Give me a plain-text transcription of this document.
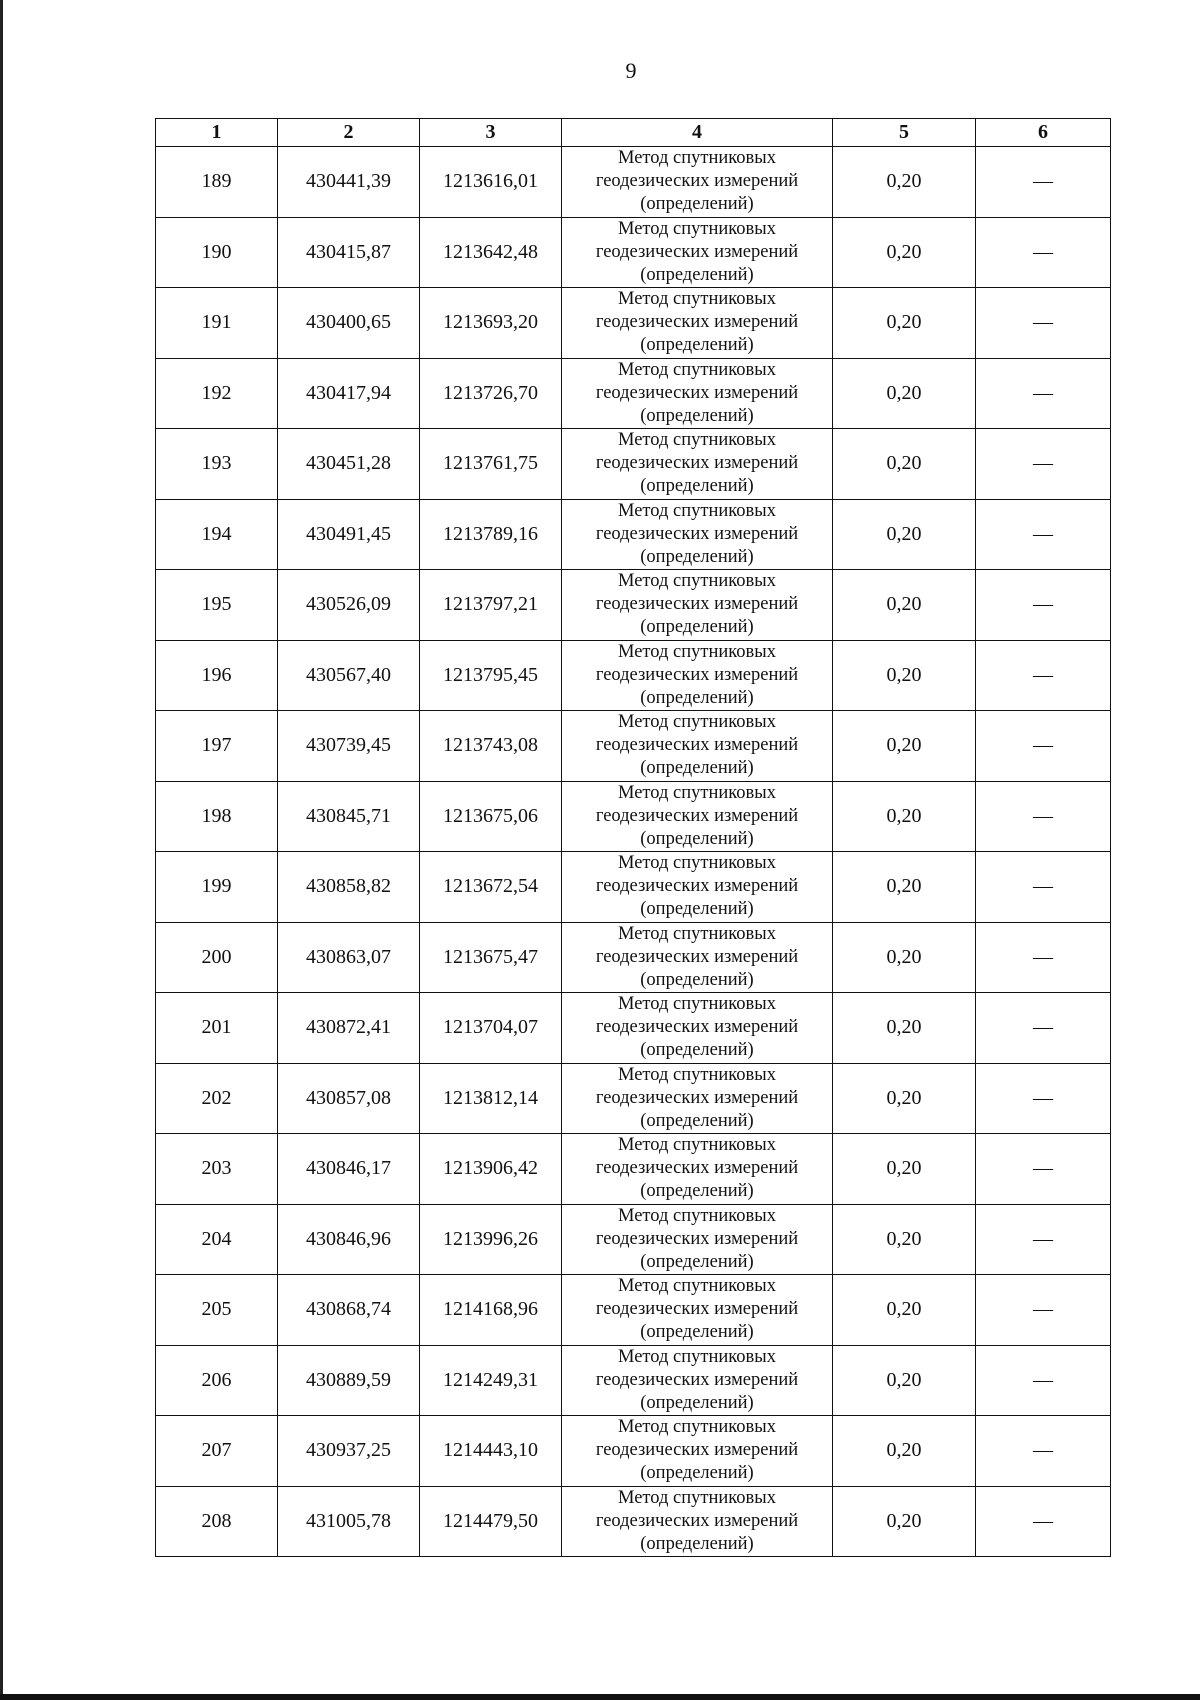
9
1	2	3	4	5	6
189	430441,39	1213616,01	Метод спутниковых
геодезических измерений
(определений)	0,20	—
190	430415,87	1213642,48	Метод спутниковых
геодезических измерений
(определений)	0,20	—
191	430400,65	1213693,20	Метод спутниковых
геодезических измерений
(определений)	0,20	—
192	430417,94	1213726,70	Метод спутниковых
геодезических измерений
(определений)	0,20	—
193	430451,28	1213761,75	Метод спутниковых
геодезических измерений
(определений)	0,20	—
194	430491,45	1213789,16	Метод спутниковых
геодезических измерений
(определений)	0,20	—
195	430526,09	1213797,21	Метод спутниковых
геодезических измерений
(определений)	0,20	—
196	430567,40	1213795,45	Метод спутниковых
геодезических измерений
(определений)	0,20	—
197	430739,45	1213743,08	Метод спутниковых
геодезических измерений
(определений)	0,20	—
198	430845,71	1213675,06	Метод спутниковых
геодезических измерений
(определений)	0,20	—
199	430858,82	1213672,54	Метод спутниковых
геодезических измерений
(определений)	0,20	—
200	430863,07	1213675,47	Метод спутниковых
геодезических измерений
(определений)	0,20	—
201	430872,41	1213704,07	Метод спутниковых
геодезических измерений
(определений)	0,20	—
202	430857,08	1213812,14	Метод спутниковых
геодезических измерений
(определений)	0,20	—
203	430846,17	1213906,42	Метод спутниковых
геодезических измерений
(определений)	0,20	—
204	430846,96	1213996,26	Метод спутниковых
геодезических измерений
(определений)	0,20	—
205	430868,74	1214168,96	Метод спутниковых
геодезических измерений
(определений)	0,20	—
206	430889,59	1214249,31	Метод спутниковых
геодезических измерений
(определений)	0,20	—
207	430937,25	1214443,10	Метод спутниковых
геодезических измерений
(определений)	0,20	—
208	431005,78	1214479,50	Метод спутниковых
геодезических измерений
(определений)	0,20	—
